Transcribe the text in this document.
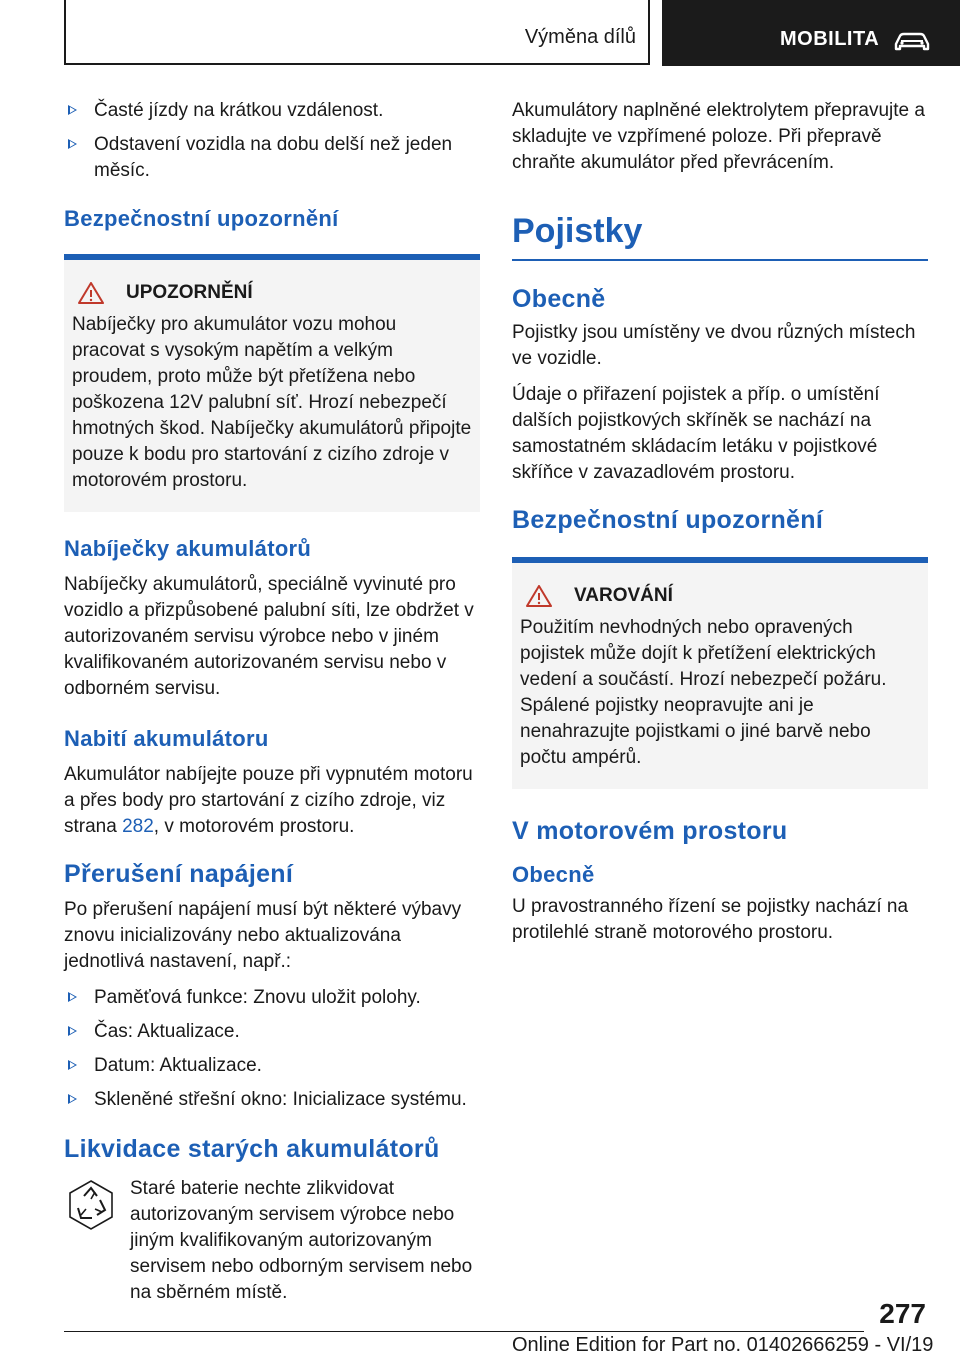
Výměna dílů	MOBILITA
Časté jízdy na krátkou vzdálenost.
Odstavení vozidla na dobu delší než jeden měsíc.
Bezpečnostní upozornění
UPOZORNĚNÍ
Nabíječky pro akumulátor vozu mohou pracovat s vysokým napětím a velkým proudem, proto může být přetížena nebo poškozena 12V palubní síť. Hrozí nebezpečí hmotných škod. Nabíječky akumulátorů připojte pouze k bodu pro startování z cizího zdroje v motorovém prostoru.
Nabíječky akumulátorů
Nabíječky akumulátorů, speciálně vyvinuté pro vozidlo a přizpůsobené palubní síti, lze obdržet v autorizovaném servisu výrobce nebo v jiném kvalifikovaném autorizovaném servisu nebo v odborném servisu.
Nabití akumulátoru
Akumulátor nabíjejte pouze při vypnutém motoru a přes body pro startování z cizího zdroje, viz strana 282, v motorovém prostoru.
Přerušení napájení
Po přerušení napájení musí být některé výbavy znovu inicializovány nebo aktualizována jednotlivá nastavení, např.:
Paměťová funkce: Znovu uložit polohy.
Čas: Aktualizace.
Datum: Aktualizace.
Skleněné střešní okno: Inicializace systému.
Likvidace starých akumulátorů
Staré baterie nechte zlikvidovat autorizovaným servisem výrobce nebo jiným kvalifikovaným autorizovaným servisem nebo odborným servisem nebo na sběrném místě.
Akumulátory naplněné elektrolytem přepravujte a skladujte ve vzpřímené poloze. Při přepravě chraňte akumulátor před převrácením.
Pojistky
Obecně
Pojistky jsou umístěny ve dvou různých místech ve vozidle.
Údaje o přiřazení pojistek a příp. o umístění dalších pojistkových skříněk se nachází na samostatném skládacím letáku v pojistkové skříňce v zavazadlovém prostoru.
Bezpečnostní upozornění
VAROVÁNÍ
Použitím nevhodných nebo opravených pojistek může dojít k přetížení elektrických vedení a součástí. Hrozí nebezpečí požáru. Spálené pojistky neopravujte ani je nenahrazujte pojistkami o jiné barvě nebo počtu ampérů.
V motorovém prostoru
Obecně
U pravostranného řízení se pojistky nachází na protilehlé straně motorového prostoru.
277
Online Edition for Part no. 01402666259 - VI/19
